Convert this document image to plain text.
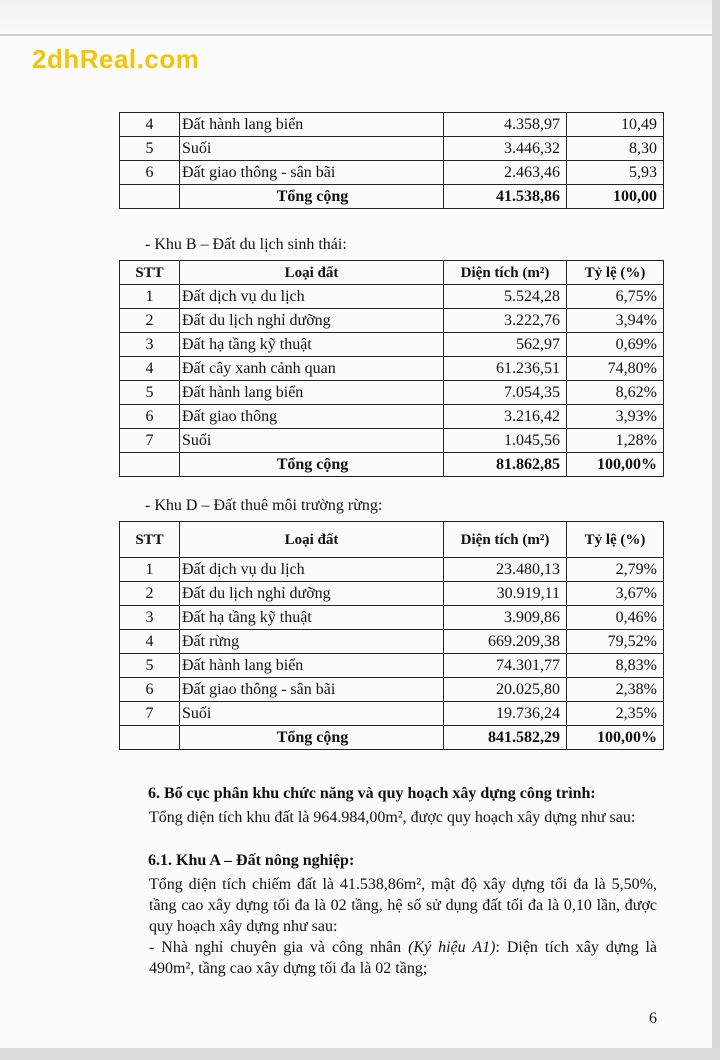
2dhReal.com
4	Đất hành lang biển	4.358,97	10,49
5	Suối	3.446,32	8,30
6	Đất giao thông - sân bãi	2.463,46	5,93
	Tổng cộng	41.538,86	100,00
- Khu B – Đất du lịch sinh thái:
STT	Loại đất	Diện tích (m²)	Tỷ lệ (%)
1	Đất dịch vụ du lịch	5.524,28	6,75%
2	Đất du lịch nghỉ dưỡng	3.222,76	3,94%
3	Đất hạ tầng kỹ thuật	562,97	0,69%
4	Đất cây xanh cảnh quan	61.236,51	74,80%
5	Đất hành lang biển	7.054,35	8,62%
6	Đất giao thông	3.216,42	3,93%
7	Suối	1.045,56	1,28%
	Tổng cộng	81.862,85	100,00%
- Khu D – Đất thuê môi trường rừng:
STT	Loại đất	Diện tích (m²)	Tỷ lệ (%)
1	Đất dịch vụ du lịch	23.480,13	2,79%
2	Đất du lịch nghỉ dưỡng	30.919,11	3,67%
3	Đất hạ tầng kỹ thuật	3.909,86	0,46%
4	Đất rừng	669.209,38	79,52%
5	Đất hành lang biển	74.301,77	8,83%
6	Đất giao thông - sân bãi	20.025,80	2,38%
7	Suối	19.736,24	2,35%
	Tổng cộng	841.582,29	100,00%
6. Bố cục phân khu chức năng và quy hoạch xây dựng công trình:
Tổng diện tích khu đất là 964.984,00m², được quy hoạch xây dựng như sau:
6.1. Khu A – Đất nông nghiệp:
Tổng diện tích chiếm đất là 41.538,86m², mật độ xây dựng tối đa là 5,50%, tầng cao xây dựng tối đa là 02 tầng, hệ số sử dụng đất tối đa là 0,10 lần, được quy hoạch xây dựng như sau:
- Nhà nghỉ chuyên gia và công nhân (Ký hiệu A1): Diện tích xây dựng là 490m², tầng cao xây dựng tối đa là 02 tầng;
6
